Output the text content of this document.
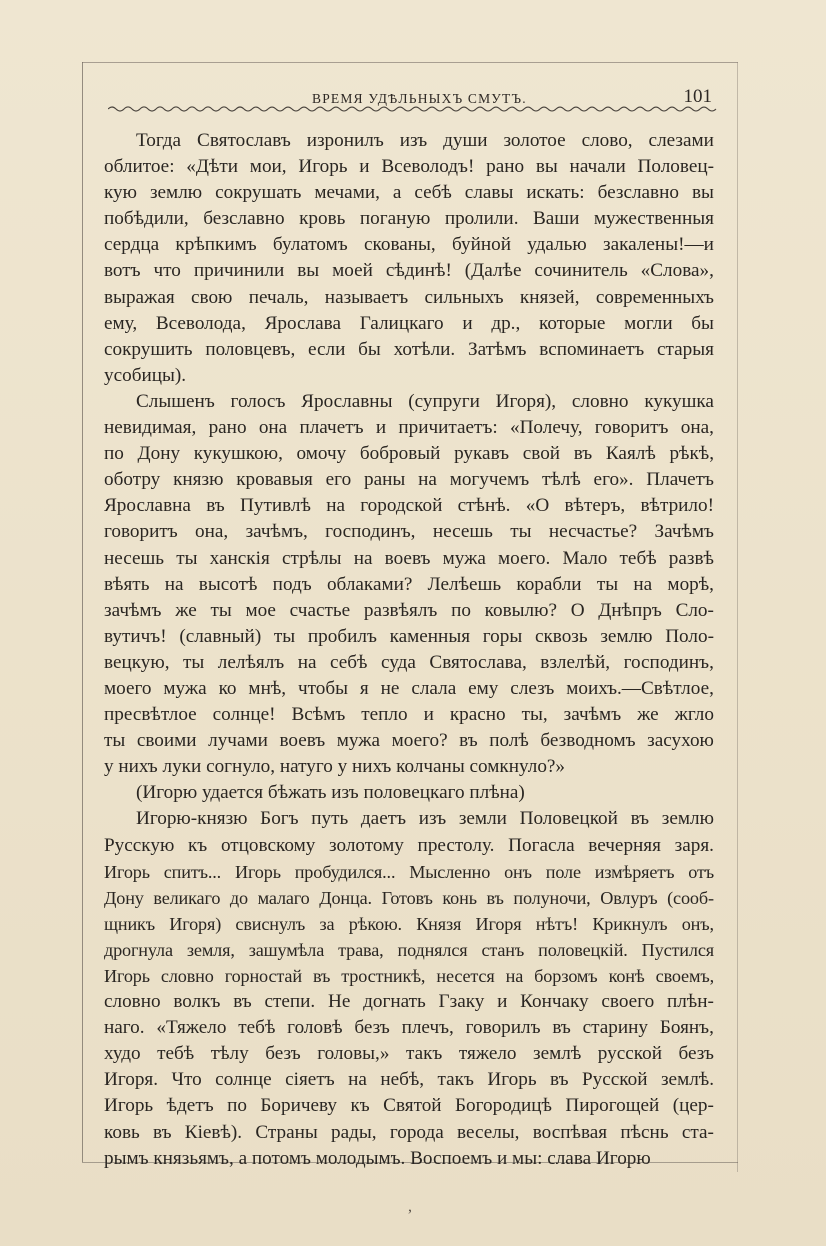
ВРЕМЯ УДѢЛЬНЫХЪ СМУТЪ.	101
Тогда Святославъ изронилъ изъ души золотое слово, слезами
облитое: «Дѣти мои, Игорь и Всеволодъ! рано вы начали Половец-
кую землю сокрушать мечами, а себѣ славы искать: безславно вы
побѣдили, безславно кровь поганую пролили. Ваши мужественныя
сердца крѣпкимъ булатомъ скованы, буйной удалью закалены!—и
вотъ что причинили вы моей сѣдинѣ! (Далѣе сочинитель «Слова»,
выражая свою печаль, называетъ сильныхъ князей, современныхъ
ему, Всеволода, Ярослава Галицкаго и др., которые могли бы
сокрушить половцевъ, если бы хотѣли. Затѣмъ вспоминаетъ старыя
усобицы).
Слышенъ голосъ Ярославны (супруги Игоря), словно кукушка
невидимая, рано она плачетъ и причитаетъ: «Полечу, говоритъ она,
по Дону кукушкою, омочу бобровый рукавъ свой въ Каялѣ рѣкѣ,
оботру князю кровавыя его раны на могучемъ тѣлѣ его». Плачетъ
Ярославна въ Путивлѣ на городской стѣнѣ. «О вѣтеръ, вѣтрило!
говоритъ она, зачѣмъ, господинъ, несешь ты несчастье? Зачѣмъ
несешь ты ханскія стрѣлы на воевъ мужа моего. Мало тебѣ развѣ
вѣять на высотѣ подъ облаками? Лелѣешь корабли ты на морѣ,
зачѣмъ же ты мое счастье развѣялъ по ковылю? О Днѣпръ Сло-
вутичъ! (славный) ты пробилъ каменныя горы сквозь землю Поло-
вецкую, ты лелѣялъ на себѣ суда Святослава, взлелѣй, господинъ,
моего мужа ко мнѣ, чтобы я не слала ему слезъ моихъ.—Свѣтлое,
пресвѣтлое солнце! Всѣмъ тепло и красно ты, зачѣмъ же жгло
ты своими лучами воевъ мужа моего? въ полѣ безводномъ засухою
у нихъ луки согнуло, натуго у нихъ колчаны сомкнуло?»
(Игорю удается бѣжать изъ половецкаго плѣна)
Игорю-князю Богъ путь даетъ изъ земли Половецкой въ землю
Русскую къ отцовскому золотому престолу. Погасла вечерняя заря.
Игорь спитъ... Игорь пробудился... Мысленно онъ поле измѣряетъ отъ
Дону великаго до малаго Донца. Готовъ конь въ полуночи, Овлуръ (сооб-
щникъ Игоря) свиснулъ за рѣкою. Князя Игоря нѣтъ! Крикнулъ онъ,
дрогнула земля, зашумѣла трава, поднялся станъ половецкій. Пустился
Игорь словно горностай въ тростникѣ, несется на борзомъ конѣ своемъ,
словно волкъ въ степи. Не догнать Гзаку и Кончаку своего плѣн-
наго. «Тяжело тебѣ головѣ безъ плечъ, говорилъ въ старину Боянъ,
худо тебѣ тѣлу безъ головы,» такъ тяжело землѣ русской безъ
Игоря. Что солнце сіяетъ на небѣ, такъ Игорь въ Русской землѣ.
Игорь ѣдетъ по Боричеву къ Святой Богородицѣ Пирогощей (цер-
ковь въ Кіевѣ). Страны рады, города веселы, воспѣвая пѣснь ста-
рымъ князьямъ, а потомъ молодымъ. Воспоемъ и мы: слава Игорю
,
